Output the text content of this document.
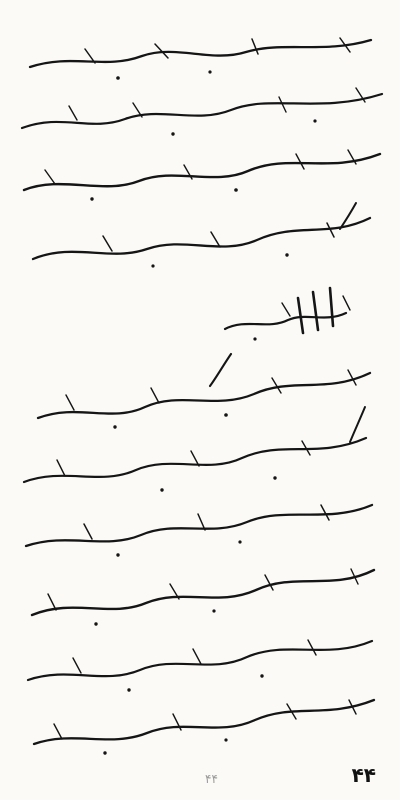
۴۴	۴۴
